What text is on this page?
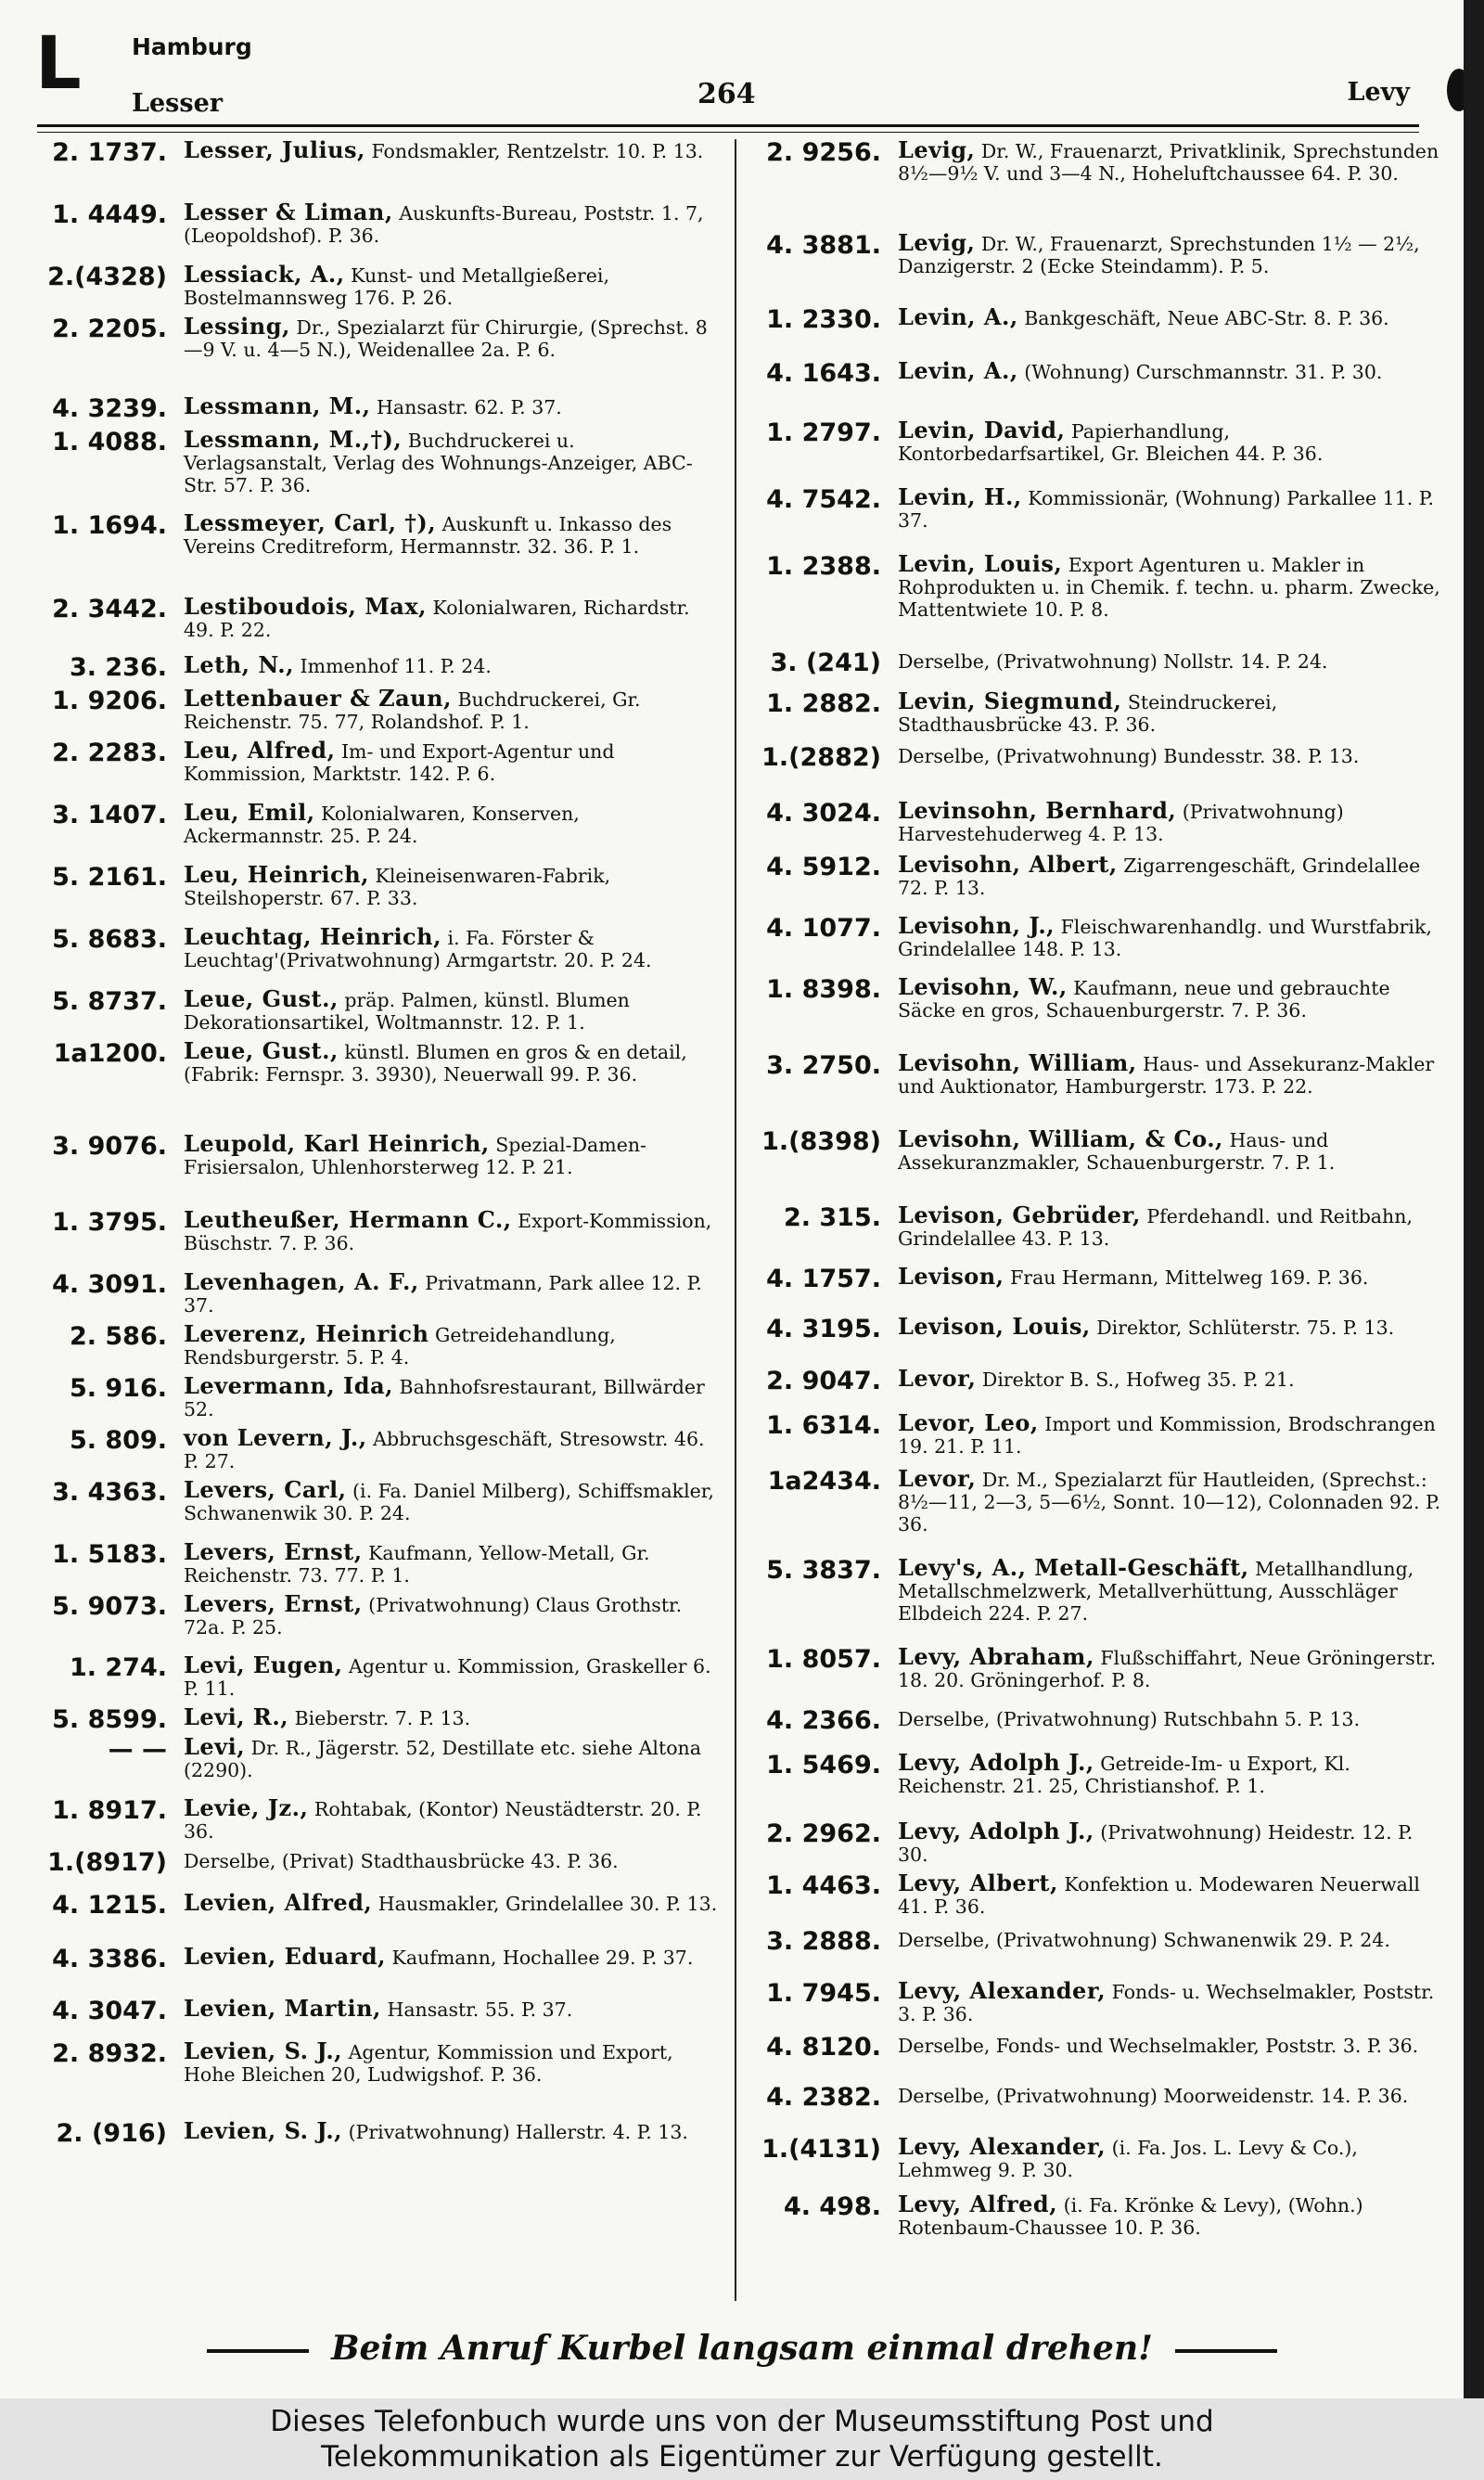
L Hamburg
Lesser	264	Levy
2. 1737. Lesser, Julius, Fondsmakler, Rentzelstr. 10. P. 13.
1. 4449. Lesser & Liman, Auskunfts-Bureau, Poststr. 1. 7, (Leopoldshof). P. 36.
2.(4328) Lessiack, A., Kunst- und Metallgießerei, Bostelmannsweg 176. P. 26.
2. 2205. Lessing, Dr., Spezialarzt für Chirurgie, (Sprechst. 8—9 V. u. 4—5 N.), Weidenallee 2a. P. 6.
4. 3239. Lessmann, M., Hansastr. 62. P. 37.
1. 4088. Lessmann, M.,†), Buchdruckerei u. Verlagsanstalt, Verlag des Wohnungs-Anzeiger, ABC-Str. 57. P. 36.
1. 1694. Lessmeyer, Carl, †), Auskunft u. Inkasso des Vereins Creditreform, Hermannstr. 32. 36. P. 1.
2. 3442. Lestiboudois, Max, Kolonialwaren, Richardstr. 49. P. 22.
3. 236. Leth, N., Immenhof 11. P. 24.
1. 9206. Lettenbauer & Zaun, Buchdruckerei, Gr. Reichenstr. 75. 77, Rolandshof. P. 1.
2. 2283. Leu, Alfred, Im- und Export-Agentur und Kommission, Marktstr. 142. P. 6.
3. 1407. Leu, Emil, Kolonialwaren, Konserven, Ackermannstr. 25. P. 24.
5. 2161. Leu, Heinrich, Kleineisenwaren-Fabrik, Steilshoperstr. 67. P. 33.
5. 8683. Leuchtag, Heinrich, i. Fa. Förster & Leuchtag'(Privatwohnung) Armgartstr. 20. P. 24.
5. 8737. Leue, Gust., präp. Palmen, künstl. Blumen Dekorationsartikel, Woltmannstr. 12. P. 1.
1a1200. Leue, Gust., künstl. Blumen en gros & en detail, (Fabrik: Fernspr. 3. 3930), Neuerwall 99. P. 36.
3. 9076. Leupold, Karl Heinrich, Spezial-Damen-Frisiersalon, Uhlenhorsterweg 12. P. 21.
1. 3795. Leutheußer, Hermann C., Export-Kommission, Büschstr. 7. P. 36.
4. 3091. Levenhagen, A. F., Privatmann, Park allee 12. P. 37.
2. 586. Leverenz, Heinrich Getreidehandlung, Rendsburgerstr. 5. P. 4.
5. 916. Levermann, Ida, Bahnhofsrestaurant, Billwärder 52.
5. 809. von Levern, J., Abbruchsgeschäft, Stresowstr. 46. P. 27.
3. 4363. Levers, Carl, (i. Fa. Daniel Milberg), Schiffsmakler, Schwanenwik 30. P. 24.
1. 5183. Levers, Ernst, Kaufmann, Yellow-Metall, Gr. Reichenstr. 73. 77. P. 1.
5. 9073. Levers, Ernst, (Privatwohnung) Claus Grothstr. 72a. P. 25.
1. 274. Levi, Eugen, Agentur u. Kommission, Graskeller 6. P. 11.
5. 8599. Levi, R., Bieberstr. 7. P. 13.
— — Levi, Dr. R., Jägerstr. 52, Destillate etc. siehe Altona (2290).
1. 8917. Levie, Jz., Rohtabak, (Kontor) Neustädterstr. 20. P. 36.
1.(8917) Derselbe, (Privat) Stadthausbrücke 43. P. 36.
4. 1215. Levien, Alfred, Hausmakler, Grindelallee 30. P. 13.
4. 3386. Levien, Eduard, Kaufmann, Hochallee 29. P. 37.
4. 3047. Levien, Martin, Hansastr. 55. P. 37.
2. 8932. Levien, S. J., Agentur, Kommission und Export, Hohe Bleichen 20, Ludwigshof. P. 36.
2. (916) Levien, S. J., (Privatwohnung) Hallerstr. 4. P. 13.
2. 9256. Levig, Dr. W., Frauenarzt, Privatklinik, Sprechstunden 8½—9½ V. und 3—4 N., Hoheluftchaussee 64. P. 30.
4. 3881. Levig, Dr. W., Frauenarzt, Sprechstunden 1½ — 2½, Danzigerstr. 2 (Ecke Steindamm). P. 5.
1. 2330. Levin, A., Bankgeschäft, Neue ABC-Str. 8. P. 36.
4. 1643. Levin, A., (Wohnung) Curschmannstr. 31. P. 30.
1. 2797. Levin, David, Papierhandlung, Kontorbedarfsartikel, Gr. Bleichen 44. P. 36.
4. 7542. Levin, H., Kommissionär, (Wohnung) Parkallee 11. P. 37.
1. 2388. Levin, Louis, Export Agenturen u. Makler in Rohprodukten u. in Chemik. f. techn. u. pharm. Zwecke, Mattentwiete 10. P. 8.
3. (241) Derselbe, (Privatwohnung) Nollstr. 14. P. 24.
1. 2882. Levin, Siegmund, Steindruckerei, Stadthausbrücke 43. P. 36.
1.(2882) Derselbe, (Privatwohnung) Bundesstr. 38. P. 13.
4. 3024. Levinsohn, Bernhard, (Privatwohnung) Harvestehuderweg 4. P. 13.
4. 5912. Levisohn, Albert, Zigarrengeschäft, Grindelallee 72. P. 13.
4. 1077. Levisohn, J., Fleischwarenhandlg. und Wurstfabrik, Grindelallee 148. P. 13.
1. 8398. Levisohn, W., Kaufmann, neue und gebrauchte Säcke en gros, Schauenburgerstr. 7. P. 36.
3. 2750. Levisohn, William, Haus- und Assekuranz-Makler und Auktionator, Hamburgerstr. 173. P. 22.
1.(8398) Levisohn, William, & Co., Haus- und Assekuranzmakler, Schauenburgerstr. 7. P. 1.
2. 315. Levison, Gebrüder, Pferdehandl. und Reitbahn, Grindelallee 43. P. 13.
4. 1757. Levison, Frau Hermann, Mittelweg 169. P. 36.
4. 3195. Levison, Louis, Direktor, Schlüterstr. 75. P. 13.
2. 9047. Levor, Direktor B. S., Hofweg 35. P. 21.
1. 6314. Levor, Leo, Import und Kommission, Brodschrangen 19. 21. P. 11.
1a2434. Levor, Dr. M., Spezialarzt für Hautleiden, (Sprechst.: 8½—11, 2—3, 5—6½, Sonnt. 10—12), Colonnaden 92. P. 36.
5. 3837. Levy's, A., Metall-Geschäft, Metallhandlung, Metallschmelzwerk, Metallverhüttung, Ausschläger Elbdeich 224. P. 27.
1. 8057. Levy, Abraham, Flußschiffahrt, Neue Gröningerstr. 18. 20. Gröningerhof. P. 8.
4. 2366. Derselbe, (Privatwohnung) Rutschbahn 5. P. 13.
1. 5469. Levy, Adolph J., Getreide-Im- u Export, Kl. Reichenstr. 21. 25, Christianshof. P. 1.
2. 2962. Levy, Adolph J., (Privatwohnung) Heidestr. 12. P. 30.
1. 4463. Levy, Albert, Konfektion u. Modewaren Neuerwall 41. P. 36.
3. 2888. Derselbe, (Privatwohnung) Schwanenwik 29. P. 24.
1. 7945. Levy, Alexander, Fonds- u. Wechselmakler, Poststr. 3. P. 36.
4. 8120. Derselbe, Fonds- und Wechselmakler, Poststr. 3. P. 36.
4. 2382. Derselbe, (Privatwohnung) Moorweidenstr. 14. P. 36.
1.(4131) Levy, Alexander, (i. Fa. Jos. L. Levy & Co.), Lehmweg 9. P. 30.
4. 498. Levy, Alfred, (i. Fa. Krönke & Levy), (Wohn.) Rotenbaum-Chaussee 10. P. 36.
Beim Anruf Kurbel langsam einmal drehen!
Dieses Telefonbuch wurde uns von der Museumsstiftung Post und
Telekommunikation als Eigentümer zur Verfügung gestellt.
